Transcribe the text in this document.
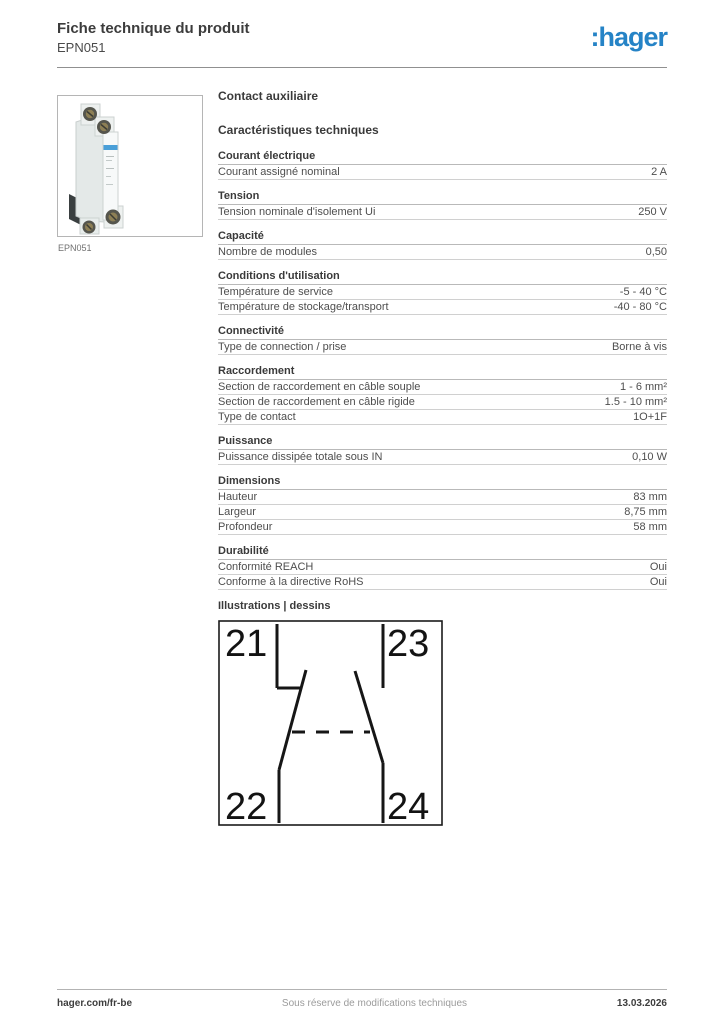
Fiche technique du produit
EPN051	:hager
EPN051
Contact auxiliaire
Caractéristiques techniques
Courant électrique
Courant assigné nominal	2 A
Tension
Tension nominale d'isolement Ui	250 V
Capacité
Nombre de modules	0,50
Conditions d'utilisation
Température de service	-5 - 40 °C
Température de stockage/transport	-40 - 80 °C
Connectivité
Type de connection / prise	Borne à vis
Raccordement
Section de raccordement en câble souple	1 - 6 mm²
Section de raccordement en câble rigide	1.5 - 10 mm²
Type de contact	1O+1F
Puissance
Puissance dissipée totale sous IN	0,10 W
Dimensions
Hauteur	83 mm
Largeur	8,75 mm
Profondeur	58 mm
Durabilité
Conformité REACH	Oui
Conforme à la directive RoHS	Oui
Illustrations | dessins
21	23
22	24
hager.com/fr-be	Sous réserve de modifications techniques	13.03.2026
